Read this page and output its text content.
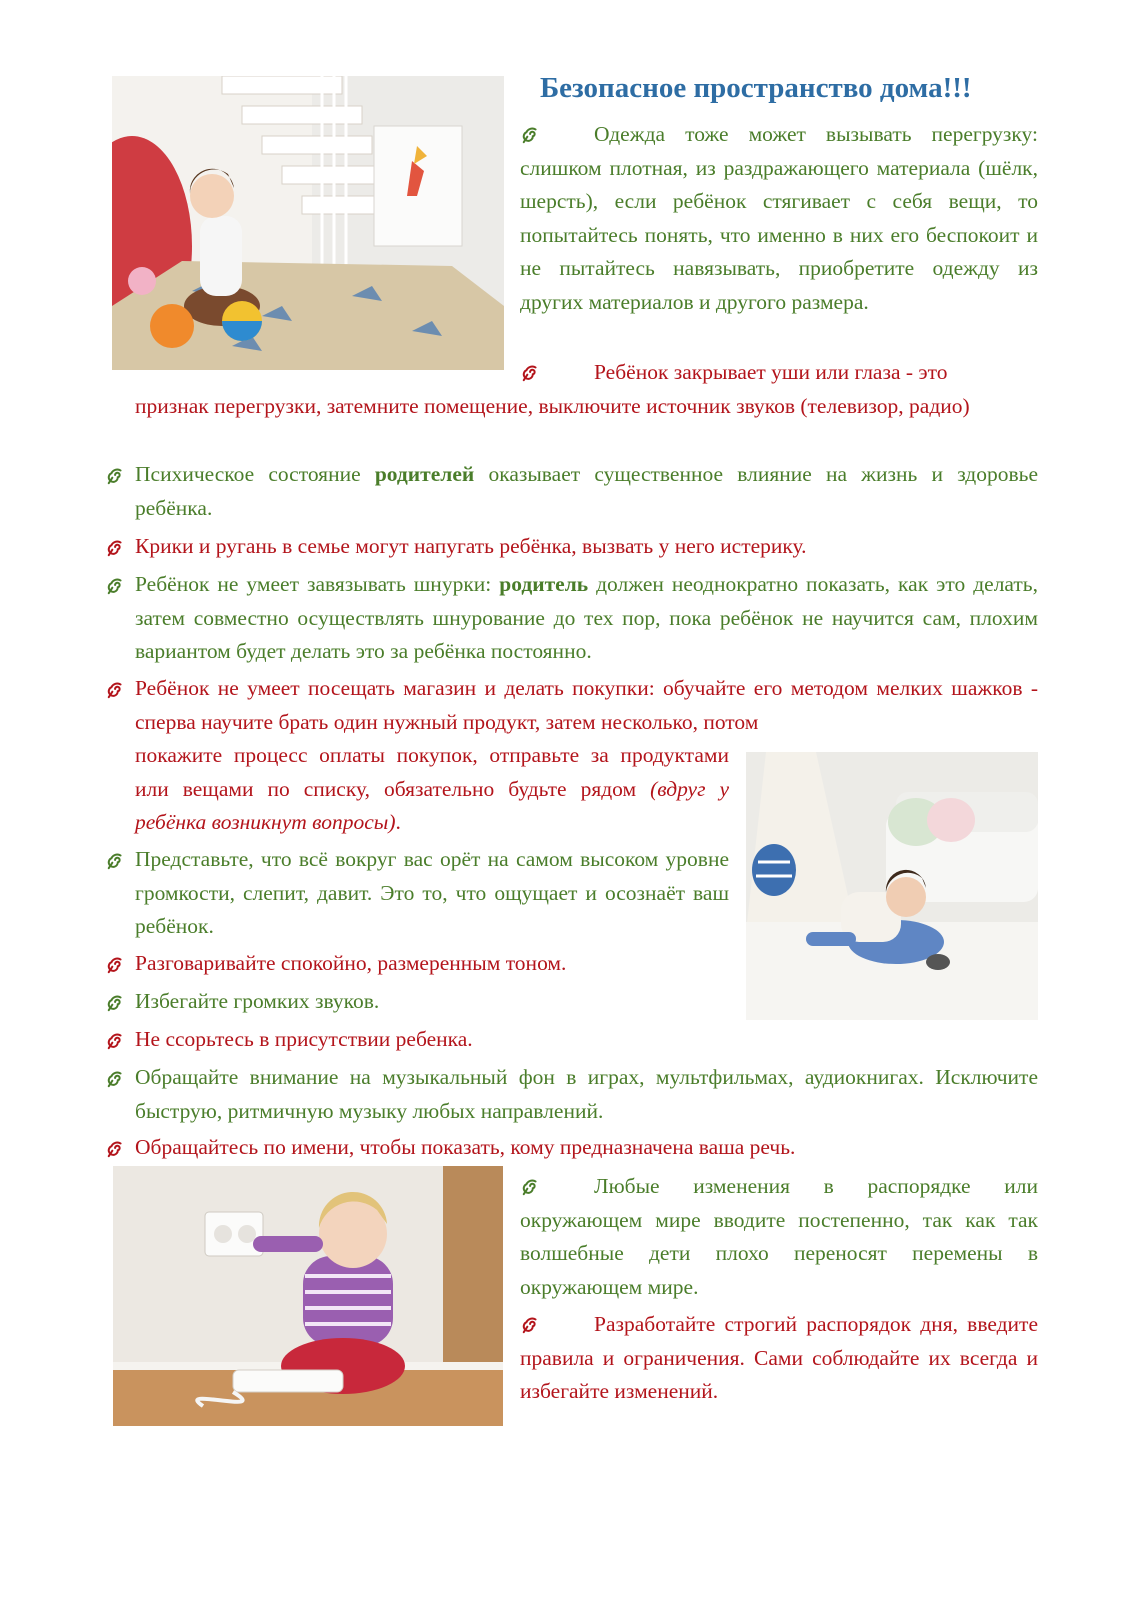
Безопасное пространство дома!!!

Одежда тоже может вызывать перегрузку: слишком плотная, из раздражающего материала (шёлк, шерсть), если ребёнок стягивает с себя вещи, то попытайтесь понять, что именно в них его беспокоит и не пытайтесь навязывать, приобретите одежду из других материалов и другого размера.

Ребёнок закрывает уши или глаза - это

признак перегрузки, затемните помещение, выключите источник звуков (телевизор, радио)

Психическое состояние родителей оказывает существенное влияние на жизнь и здоровье ребёнка.

Крики и ругань в семье могут напугать ребёнка, вызвать у него истерику.

Ребёнок не умеет завязывать шнурки: родитель должен неоднократно показать, как это делать, затем совместно осуществлять шнурование до тех пор, пока ребёнок не научится сам, плохим вариантом будет делать это за ребёнка постоянно.

Ребёнок не умеет посещать магазин и делать покупки: обучайте его методом мелких шажков - сперва научите брать один нужный продукт, затем несколько, потом

покажите процесс оплаты покупок, отправьте за продуктами или вещами по списку, обязательно будьте рядом (вдруг у ребёнка возникнут вопросы).

Представьте, что всё вокруг вас орёт на самом высоком уровне громкости, слепит, давит. Это то, что ощущает и осознаёт ваш ребёнок.

Разговаривайте спокойно, размеренным тоном.

Избегайте громких звуков.

Не ссорьтесь в присутствии ребенка.

Обращайте внимание на музыкальный фон в играх, мультфильмах, аудиокнигах. Исключите быструю, ритмичную музыку любых направлений.

Обращайтесь по имени, чтобы показать, кому предназначена ваша речь.

Любые изменения в распорядке или окружающем мире вводите постепенно, так как так волшебные дети плохо переносят перемены в окружающем мире.

Разработайте строгий распорядок дня, введите правила и ограничения. Сами соблюдайте их всегда и избегайте изменений.
